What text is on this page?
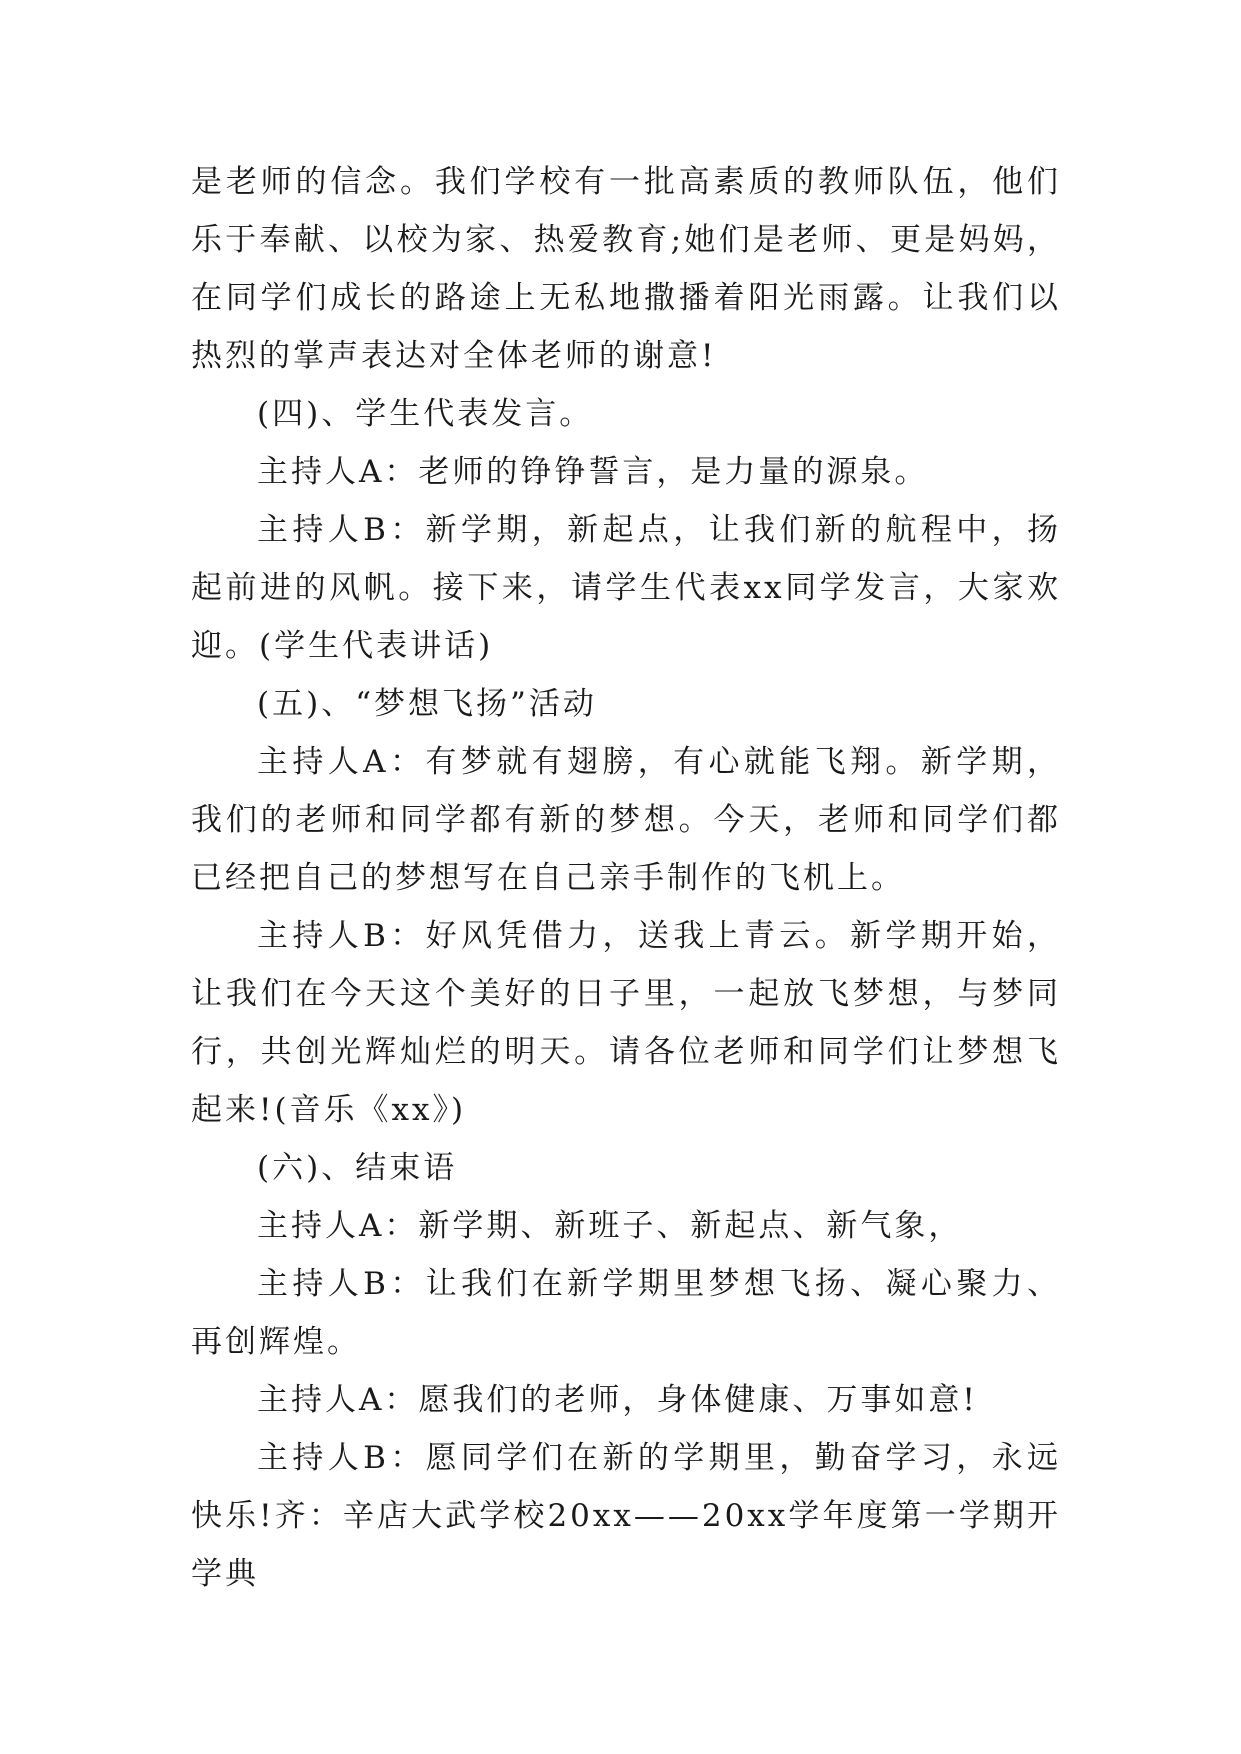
是老师的信念。我们学校有一批高素质的教师队伍，他们乐于奉献、以校为家、热爱教育;她们是老师、更是妈妈，在同学们成长的路途上无私地撒播着阳光雨露。让我们以热烈的掌声表达对全体老师的谢意!

(四)、学生代表发言。

主持人A：老师的铮铮誓言，是力量的源泉。

主持人B：新学期，新起点，让我们新的航程中，扬起前进的风帆。接下来，请学生代表xx同学发言，大家欢迎。(学生代表讲话)

(五)、“梦想飞扬”活动

主持人A：有梦就有翅膀，有心就能飞翔。新学期，我们的老师和同学都有新的梦想。今天，老师和同学们都已经把自己的梦想写在自己亲手制作的飞机上。

主持人B：好风凭借力，送我上青云。新学期开始，让我们在今天这个美好的日子里，一起放飞梦想，与梦同行，共创光辉灿烂的明天。请各位老师和同学们让梦想飞起来!(音乐《xx》)

(六)、结束语

主持人A：新学期、新班子、新起点、新气象，

主持人B：让我们在新学期里梦想飞扬、凝心聚力、再创辉煌。

主持人A：愿我们的老师，身体健康、万事如意!

主持人B：愿同学们在新的学期里，勤奋学习，永远快乐!齐：辛店大武学校20xx——20xx学年度第一学期开学典
